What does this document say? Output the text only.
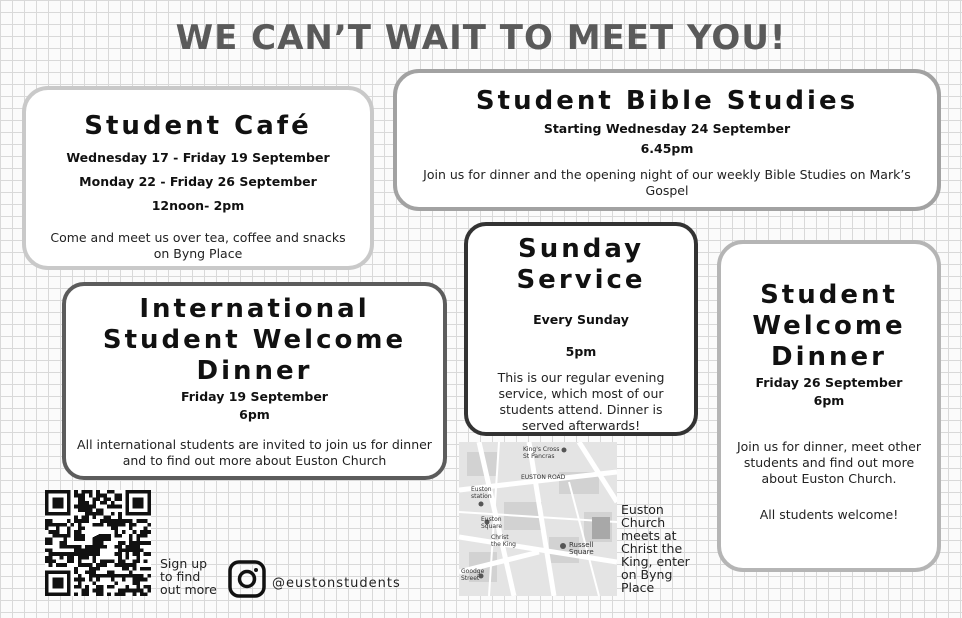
WE CAN’T WAIT TO MEET YOU!
Student Café

Wednesday 17 - Friday 19 September

Monday 22 - Friday 26 September

12noon- 2pm

Come and meet us over tea, coffee and snacks on Byng Place

Student Bible Studies

Starting Wednesday 24 September

6.45pm

Join us for dinner and the opening night of our weekly Bible Studies on Mark’s Gospel

International
Student Welcome
Dinner

Friday 19 September

6pm

All international students are invited to join us for dinner and to find out more about Euston Church

Sunday
Service

Every Sunday

5pm

This is our regular evening service, which most of our students attend. Dinner is served afterwards!

Student
Welcome
Dinner

Friday 26 September

6pm

Join us for dinner, meet other students and find out more about Euston Church.

All students welcome!

Sign up
to find
out more	@eustonstudents
King's Cross St Pancras
Euston station
EUSTON ROAD
Euston Square
Christ the King	Russell Square
Goodge Street
Euston
Church
meets at
Christ the
King, enter
on Byng
Place
